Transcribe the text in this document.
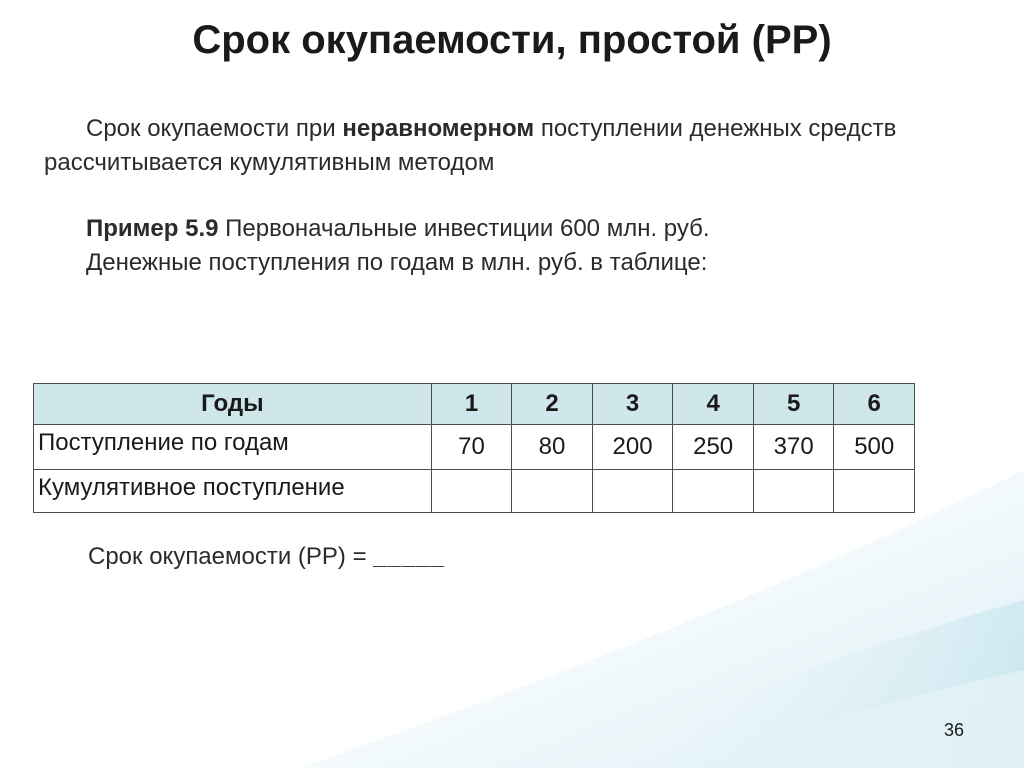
Срок окупаемости, простой (PP)

Срок окупаемости при неравномерном поступлении денежных средств рассчитывается кумулятивным методом

Пример 5.9 Первоначальные инвестиции 600 млн. руб.
Денежные поступления по годам в млн. руб. в таблице:
Годы	1	2	3	4	5	6
Поступление по годам	70	80	200	250	370	500
Кумулятивное поступление						

Срок окупаемости (PP) = _____

36
